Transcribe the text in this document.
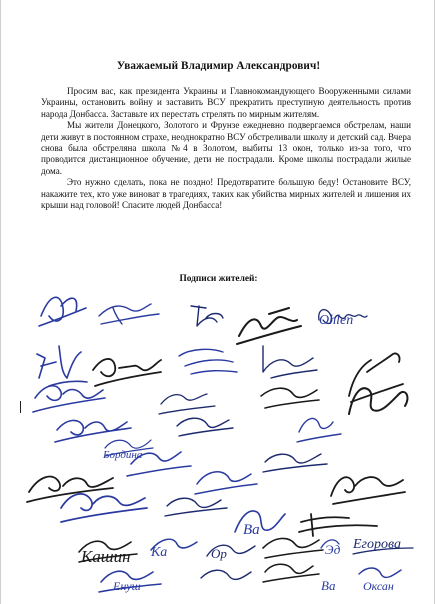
Уважаемый Владимир Александрович!

Просим вас, как президента Украины и Главнокомандующего Вооруженными силами Украины, остановить войну и заставить ВСУ прекратить преступную деятельность против народа Донбасса. Заставьте их перестать стрелять по мирным жителям.

Мы жители Донецкого, Золотого и Фрунзе ежедневно подвергаемся обстрелам, наши дети живут в постоянном страхе, неоднократно ВСУ обстреливали школу и детский сад. Вчера снова была обстреляна школа №4 в Золотом, выбиты 13 окон, только из-за того, что проводится дистанционное обучение, дети не пострадали. Кроме школы пострадали жилые дома.

Это нужно сделать, пока не поздно! Предотвратите большую беду! Остановите ВСУ, накажите тех, кто уже виноват в трагедиях, таких как убийства мирных жителей и лишения их крыши над головой! Спасите людей Донбасса!

Подписи жителей:
Ohlen
Бордина
Ва
Кашин Ка	Ор	Эд Егорова
Енуш	Ва Оксан
